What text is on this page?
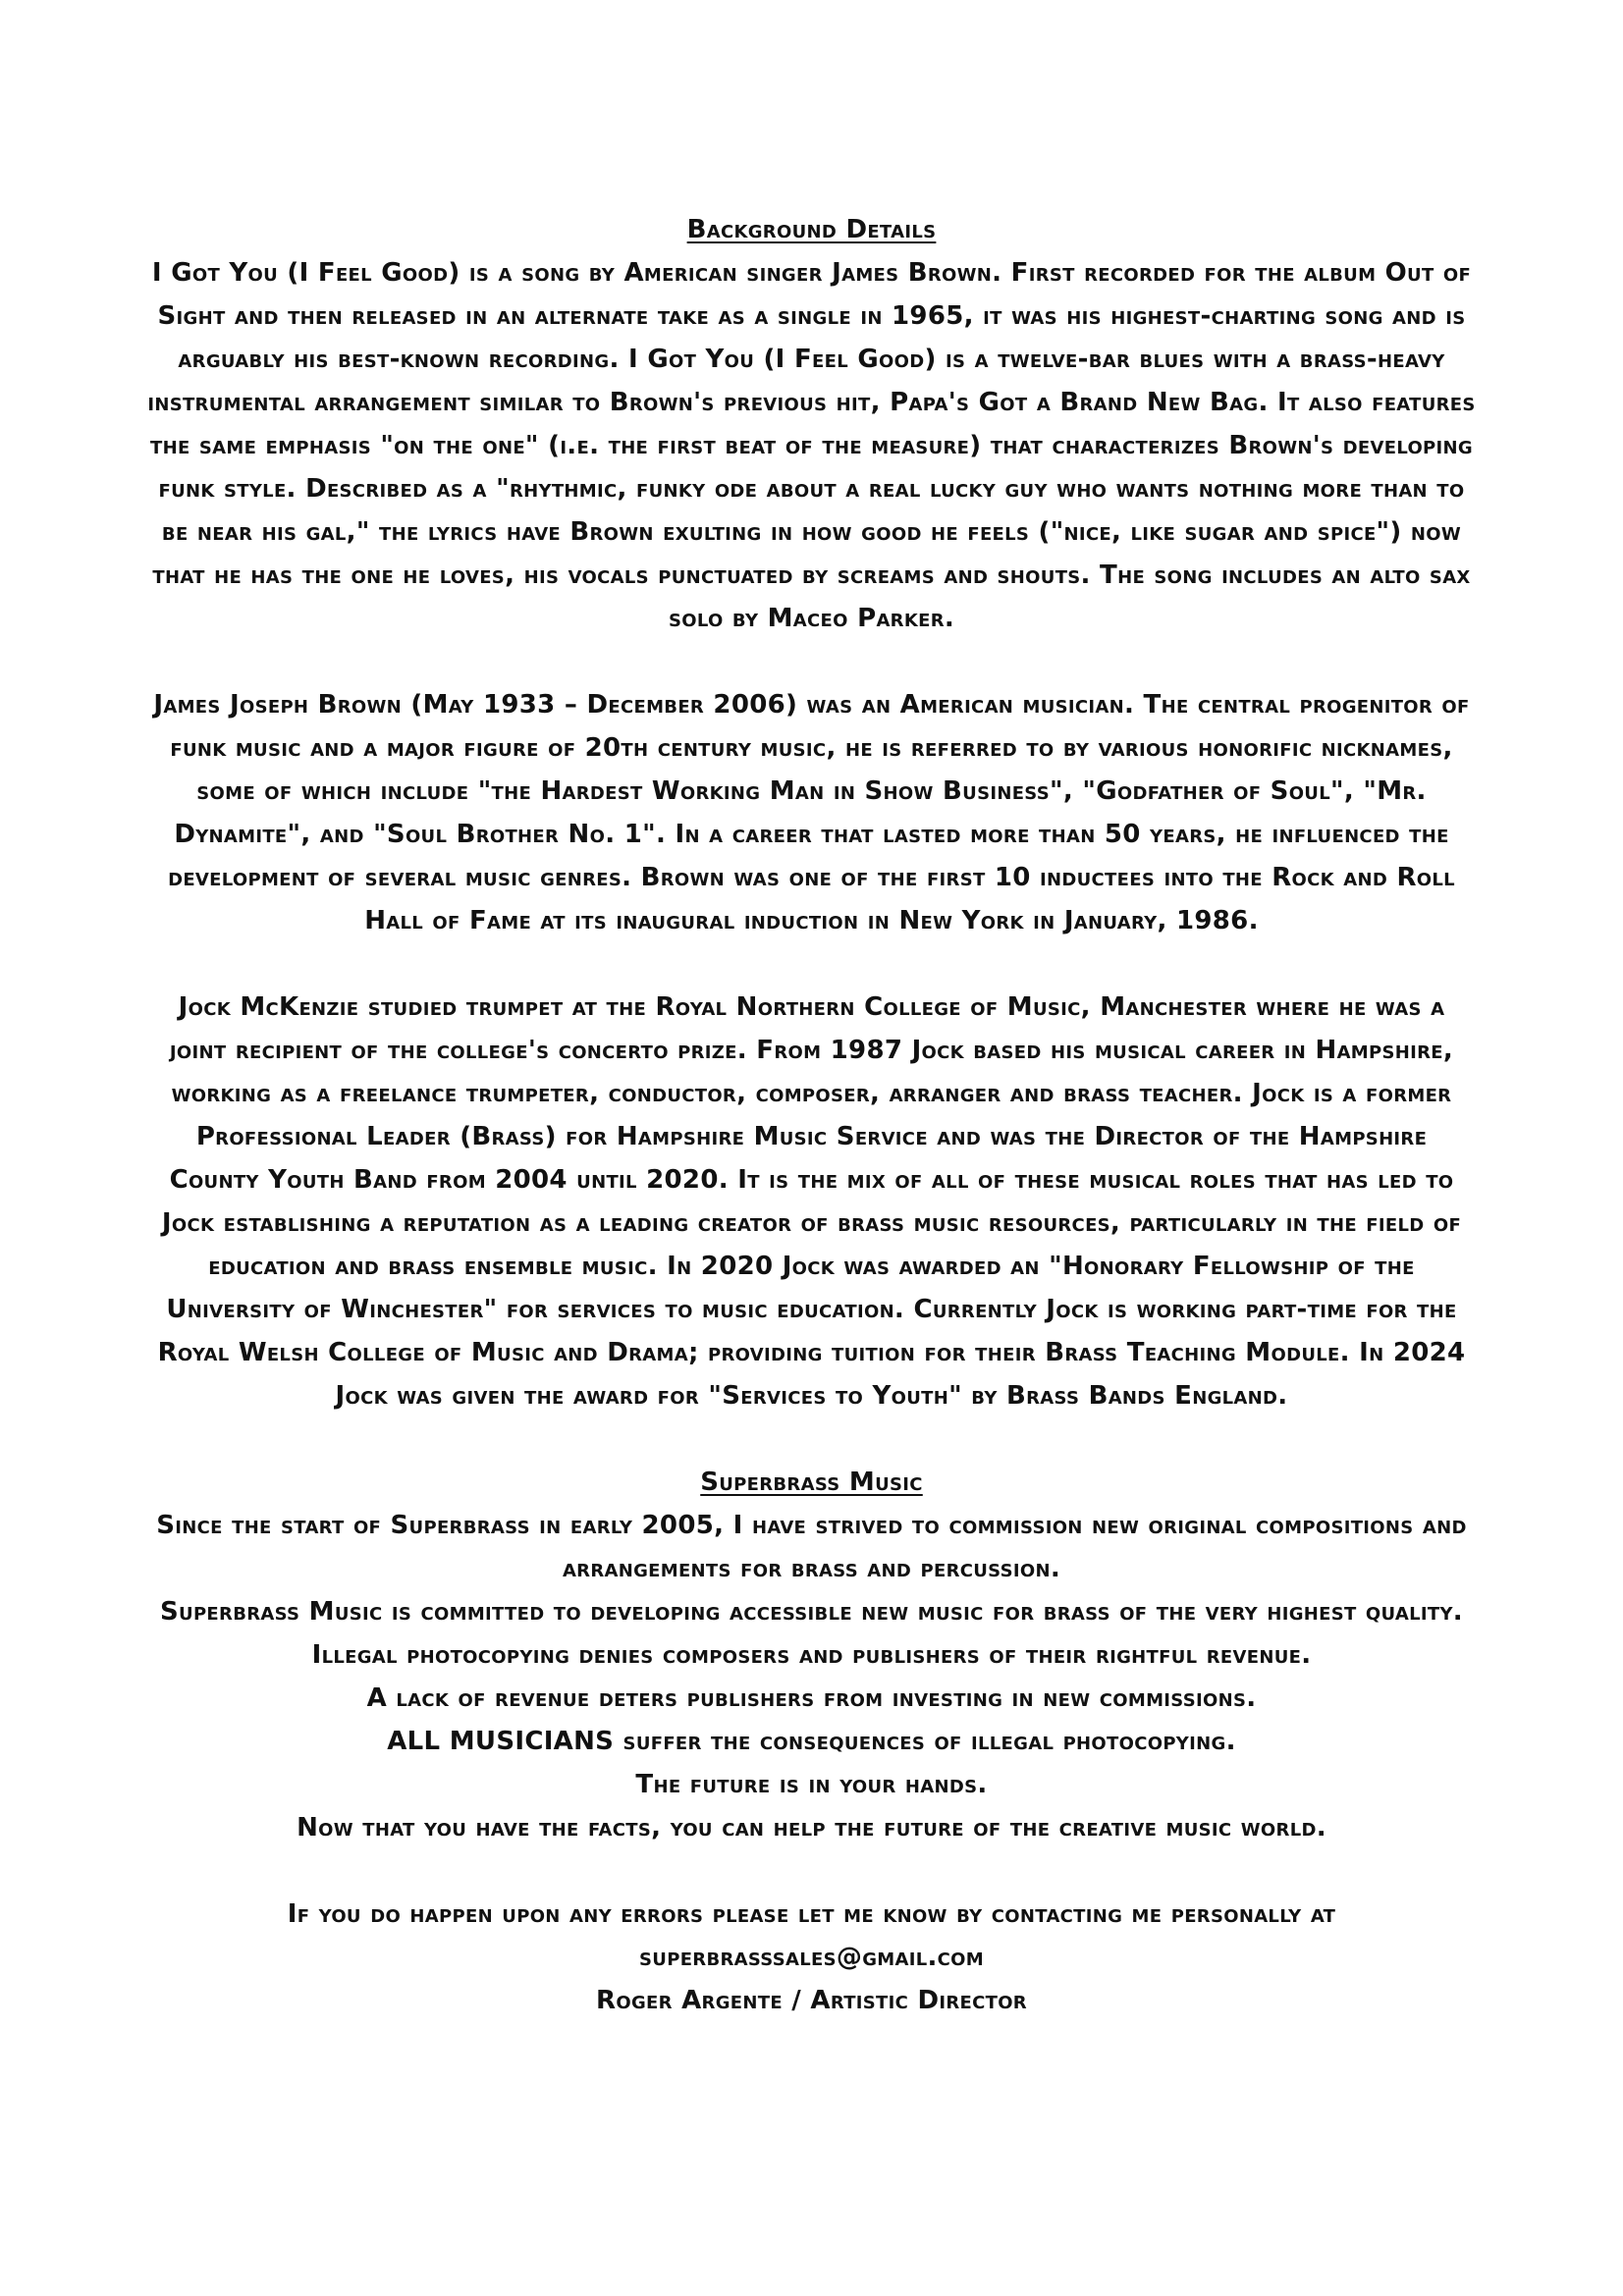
Background Details

I Got You (I Feel Good) is a song by American singer James Brown. First recorded for the album Out of Sight and then released in an alternate take as a single in 1965, it was his highest-charting song and is arguably his best-known recording. I Got You (I Feel Good) is a twelve-bar blues with a brass-heavy instrumental arrangement similar to Brown's previous hit, Papa's Got a Brand New Bag. It also features the same emphasis "on the one" (i.e. the first beat of the measure) that characterizes Brown's developing funk style. Described as a "rhythmic, funky ode about a real lucky guy who wants nothing more than to be near his gal," the lyrics have Brown exulting in how good he feels ("nice, like sugar and spice") now that he has the one he loves, his vocals punctuated by screams and shouts. The song includes an alto sax solo by Maceo Parker.

James Joseph Brown (May 1933 – December 2006) was an American musician. The central progenitor of funk music and a major figure of 20th century music, he is referred to by various honorific nicknames, some of which include "the Hardest Working Man in Show Business", "Godfather of Soul", "Mr. Dynamite", and "Soul Brother No. 1". In a career that lasted more than 50 years, he influenced the development of several music genres. Brown was one of the first 10 inductees into the Rock and Roll Hall of Fame at its inaugural induction in New York in January, 1986.

Jock McKenzie studied trumpet at the Royal Northern College of Music, Manchester where he was a joint recipient of the college's concerto prize. From 1987 Jock based his musical career in Hampshire, working as a freelance trumpeter, conductor, composer, arranger and brass teacher. Jock is a former Professional Leader (Brass) for Hampshire Music Service and was the Director of the Hampshire County Youth Band from 2004 until 2020. It is the mix of all of these musical roles that has led to Jock establishing a reputation as a leading creator of brass music resources, particularly in the field of education and brass ensemble music. In 2020 Jock was awarded an "Honorary Fellowship of the University of Winchester" for services to music education. Currently Jock is working part-time for the Royal Welsh College of Music and Drama; providing tuition for their Brass Teaching Module. In 2024 Jock was given the award for "Services to Youth" by Brass Bands England.

Superbrass Music

Since the start of Superbrass in early 2005, I have strived to commission new original compositions and arrangements for brass and percussion.

Superbrass Music is committed to developing accessible new music for brass of the very highest quality.

Illegal photocopying denies composers and publishers of their rightful revenue.

A lack of revenue deters publishers from investing in new commissions.

ALL MUSICIANS suffer the consequences of illegal photocopying.

The future is in your hands.

Now that you have the facts, you can help the future of the creative music world.

If you do happen upon any errors please let me know by contacting me personally at

superbrasssales@gmail.com

Roger Argente / Artistic Director
